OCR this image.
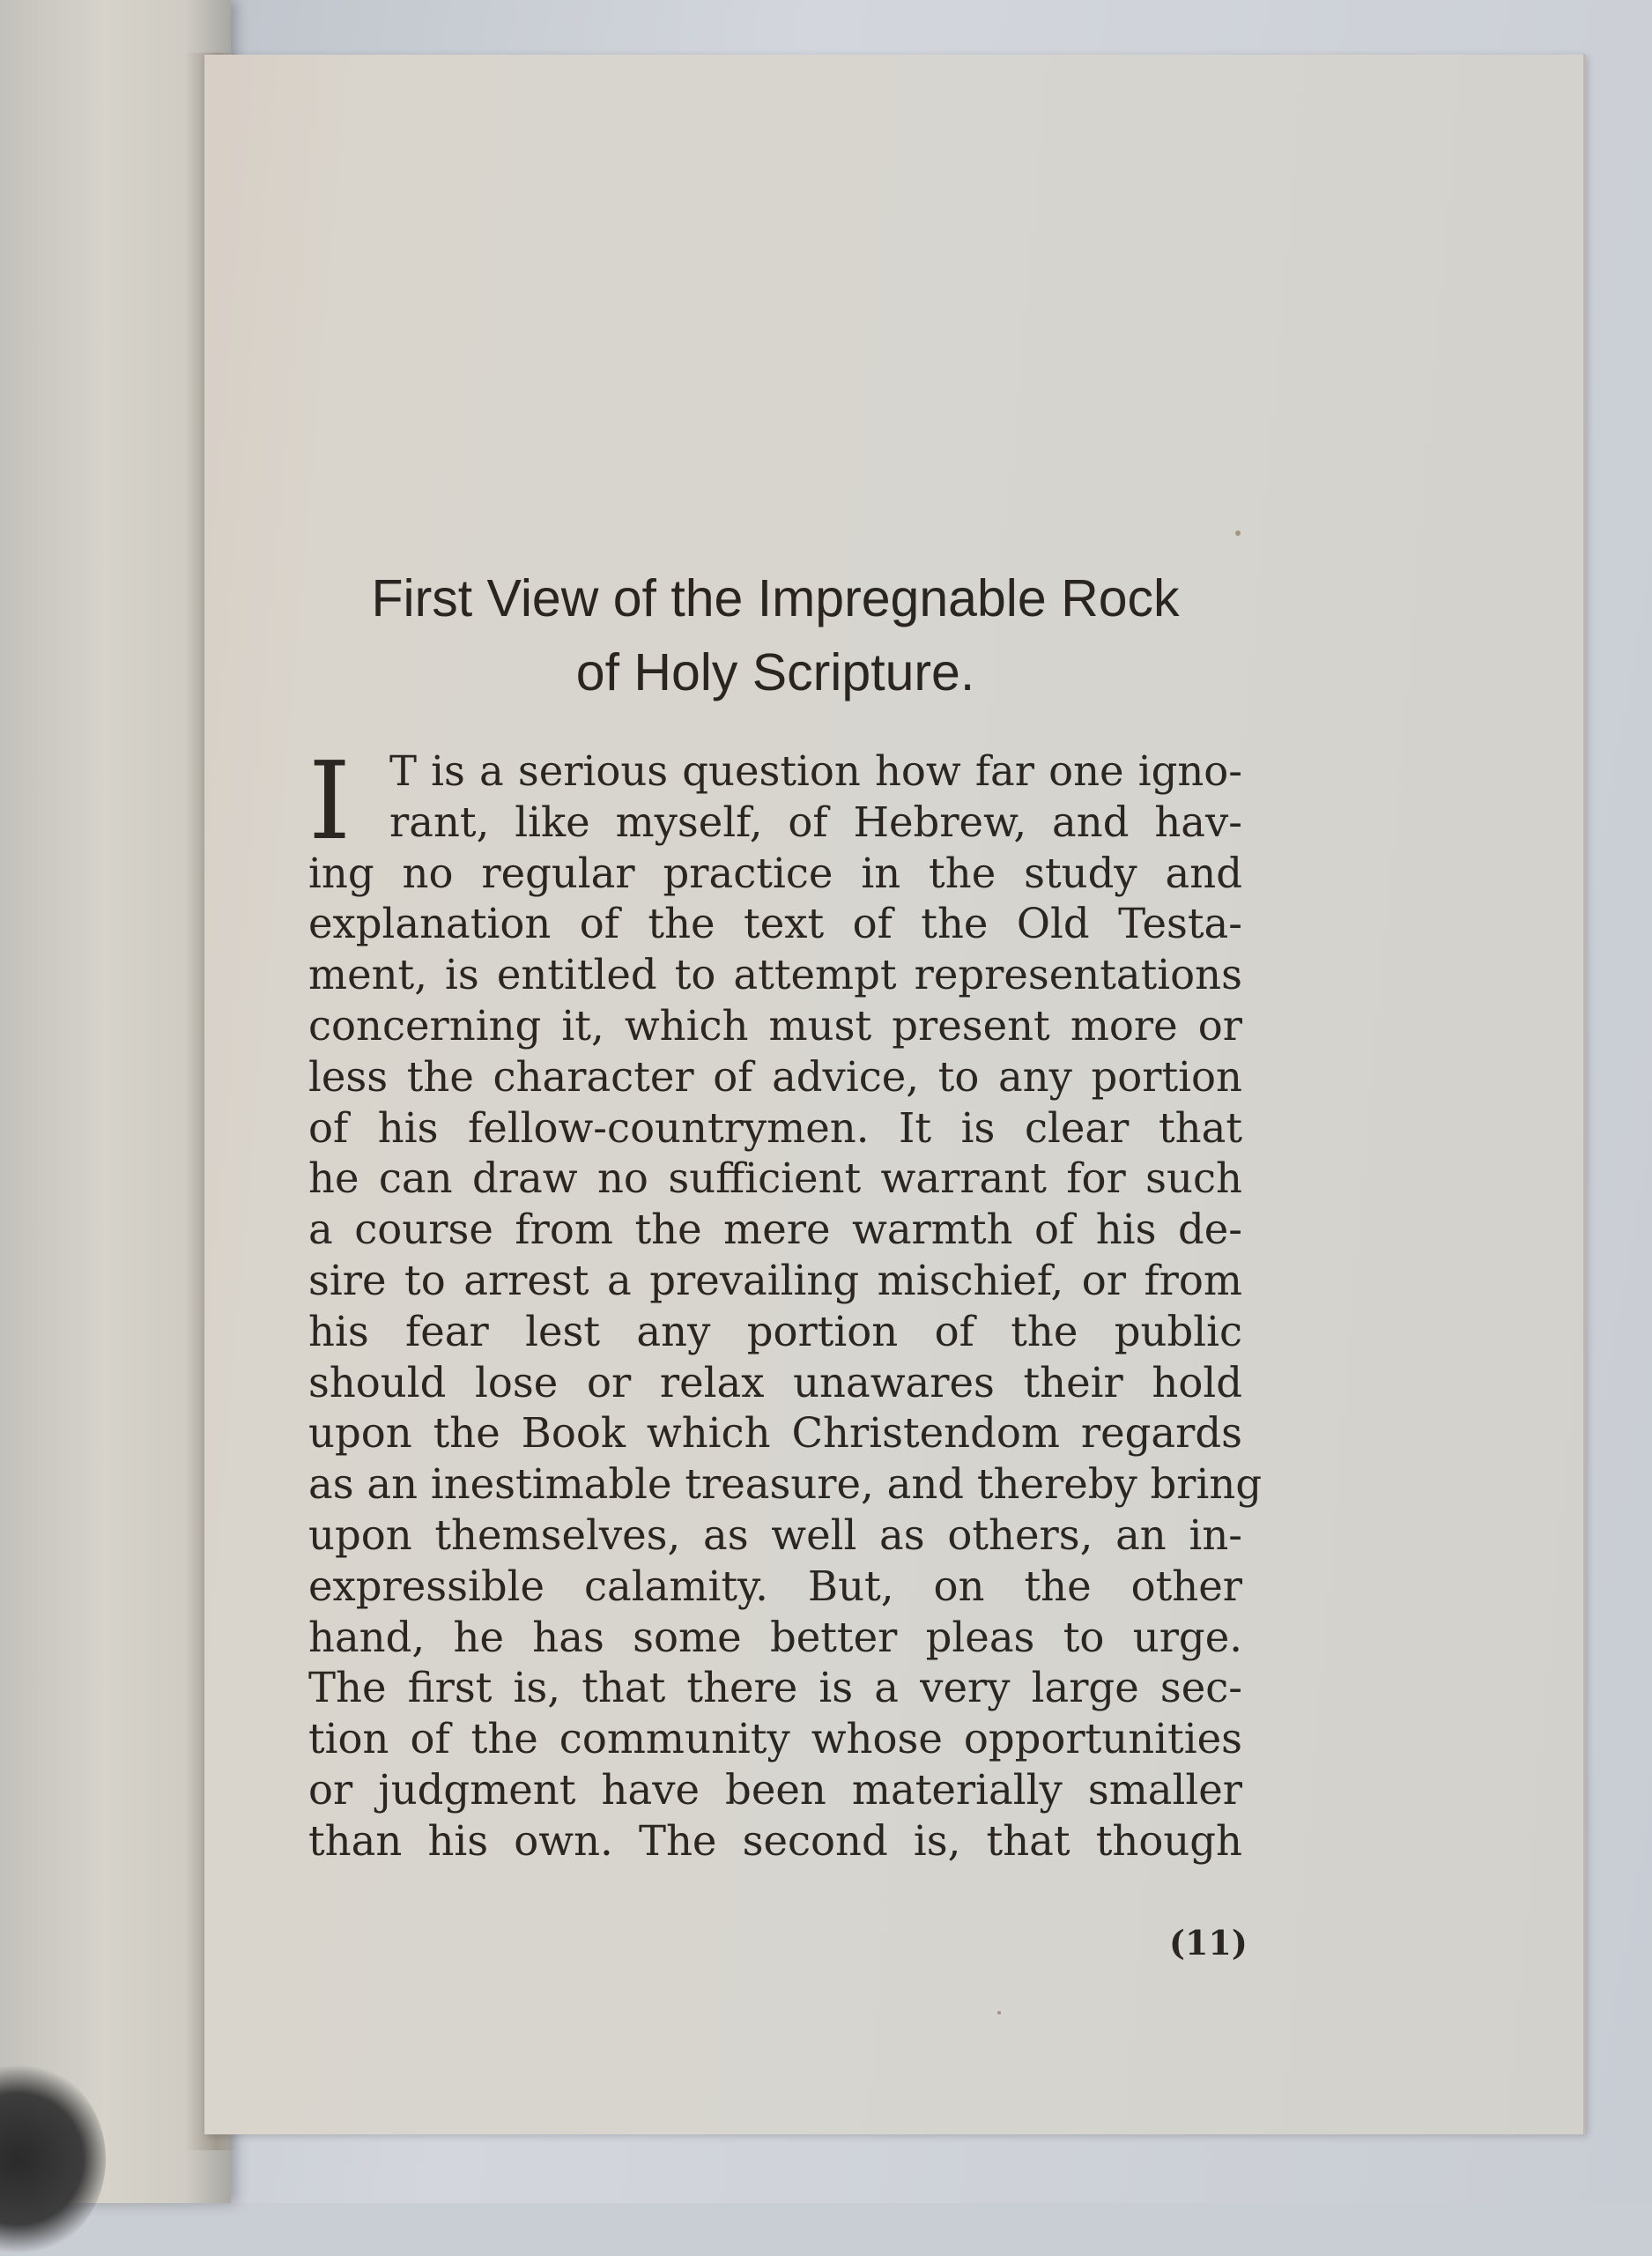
First View of the Impregnable Rock
of Holy Scripture.
I T is a serious question how far one igno-
rant, like myself, of Hebrew, and hav-
ing no regular practice in the study and
explanation of the text of the Old Testa-
ment, is entitled to attempt representations
concerning it, which must present more or
less the character of advice, to any portion
of his fellow-countrymen. It is clear that
he can draw no sufficient warrant for such
a course from the mere warmth of his de-
sire to arrest a prevailing mischief, or from
his fear lest any portion of the public
should lose or relax unawares their hold
upon the Book which Christendom regards
as an inestimable treasure, and thereby bring
upon themselves, as well as others, an in-
expressible calamity. But, on the other
hand, he has some better pleas to urge.
The first is, that there is a very large sec-
tion of the community whose opportunities
or judgment have been materially smaller
than his own. The second is, that though
(11)
